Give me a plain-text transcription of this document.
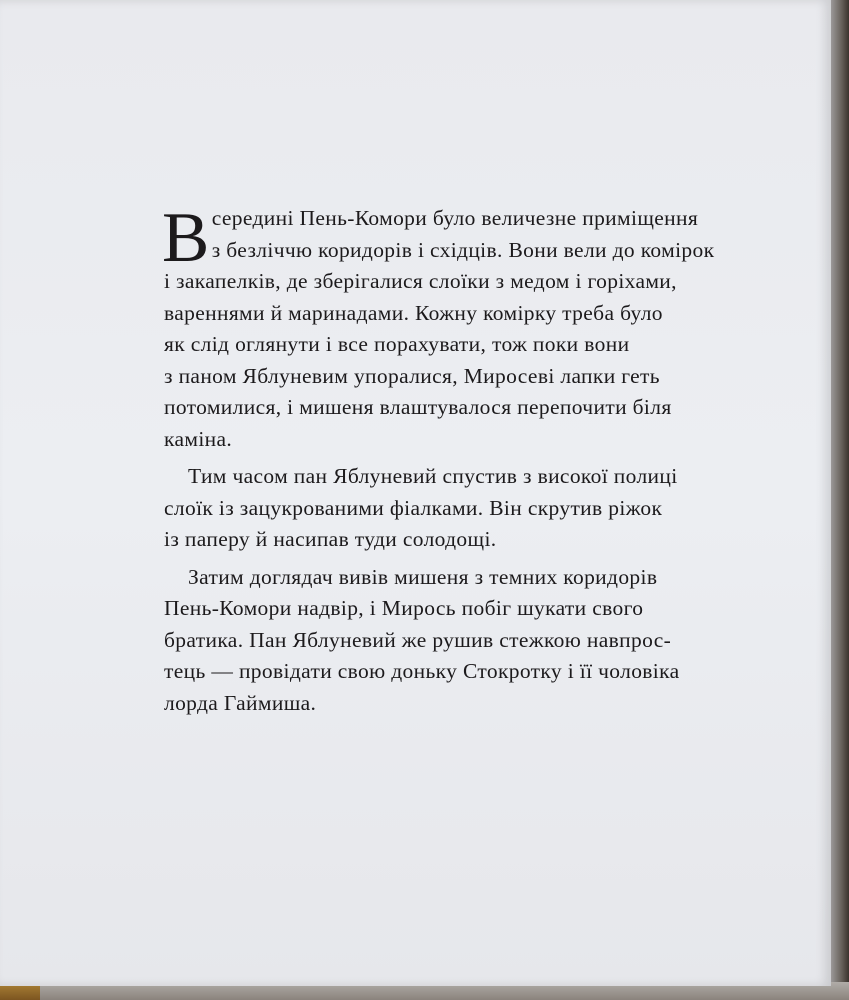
В середині Пень-Комори було величезне приміщення
з безліччю коридорів і східців. Вони вели до комірок
і закапелків, де зберігалися слоїки з медом і горіхами,
вареннями й маринадами. Кожну комірку треба було
як слід оглянути і все порахувати, тож поки вони
з паном Яблуневим упоралися, Миросеві лапки геть
потомилися, і мишеня влаштувалося перепочити біля
каміна.
Тим часом пан Яблуневий спустив з високої полиці
слоїк із зацукрованими фіалками. Він скрутив ріжок
із паперу й насипав туди солодощі.
Затим доглядач вивів мишеня з темних коридорів
Пень-Комори надвір, і Мирось побіг шукати свого
братика. Пан Яблуневий же рушив стежкою навпрос-
тець — провідати свою доньку Стокротку і її чоловіка
лорда Гаймиша.
